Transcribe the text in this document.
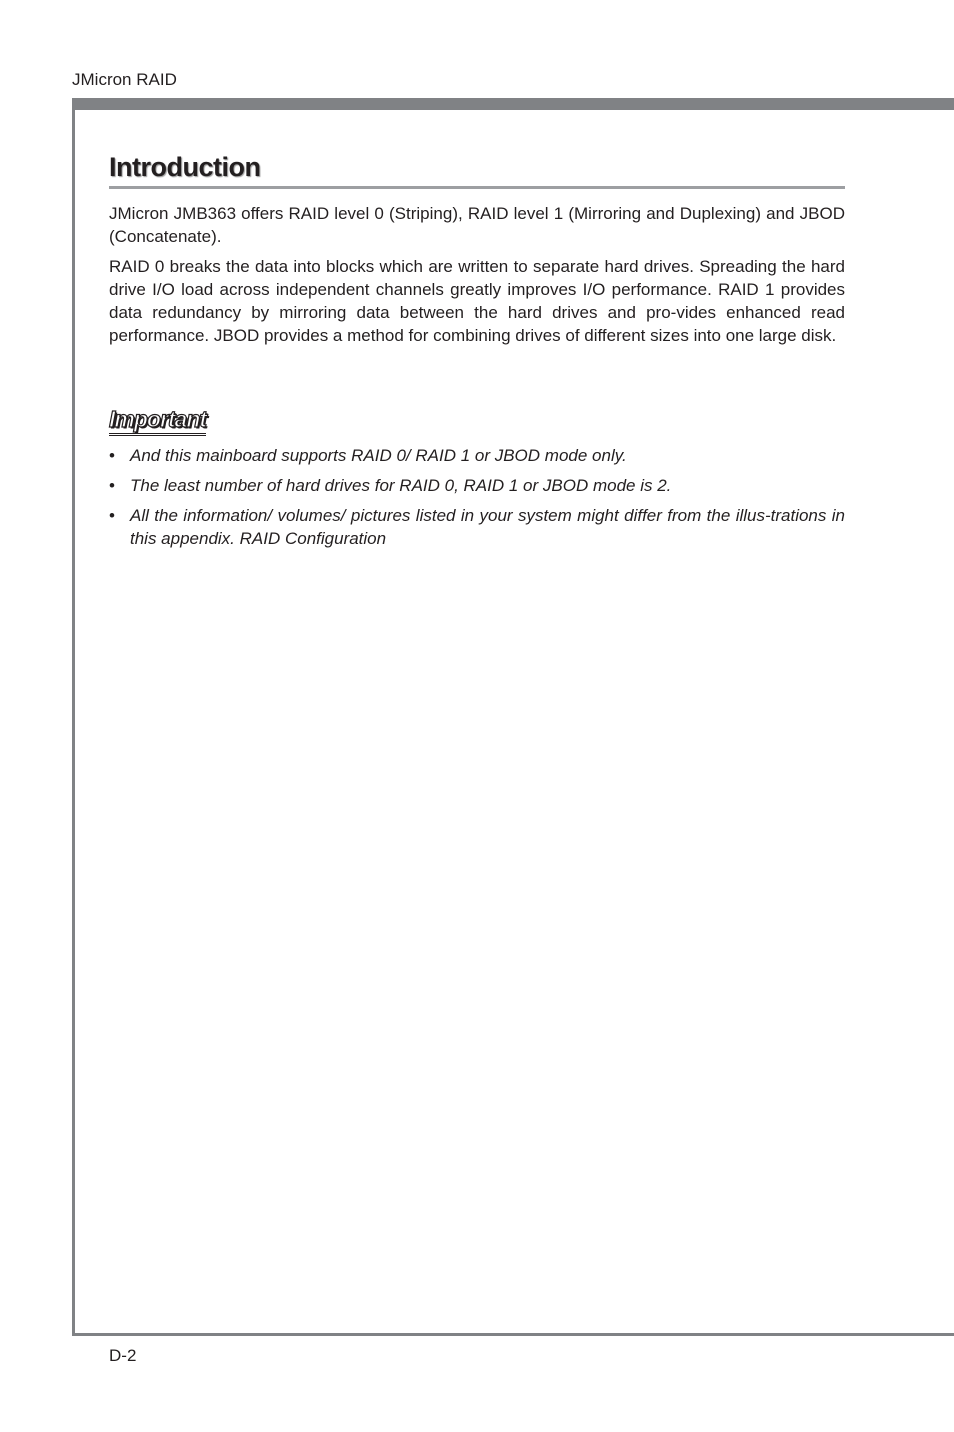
JMicron RAID
Introduction

JMicron JMB363 offers RAID level 0 (Striping), RAID level 1 (Mirroring and Duplexing) and JBOD (Concatenate).

RAID 0 breaks the data into blocks which are written to separate hard drives. Spreading the hard drive I/O load across independent channels greatly improves I/O performance. RAID 1 provides data redundancy by mirroring data between the hard drives and pro-vides enhanced read performance. JBOD provides a method for combining drives of different sizes into one large disk.

Important
• And this mainboard supports RAID 0/ RAID 1 or JBOD mode only.
• The least number of hard drives for RAID 0, RAID 1 or JBOD mode is 2.
• All the information/ volumes/ pictures listed in your system might differ from the illus-trations in this appendix. RAID Configuration
D-2
